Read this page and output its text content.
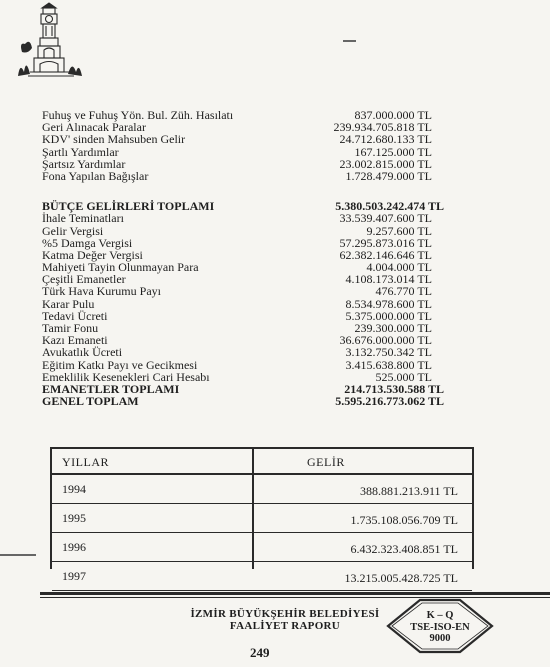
Fuhuş ve Fuhuş Yön. Bul. Züh. Hasılatı	837.000.000 TL
Geri Alınacak Paralar	239.934.705.818 TL
KDV' sinden Mahsuben Gelir	24.712.680.133 TL
Şartlı Yardımlar	167.125.000 TL
Şartsız Yardımlar	23.002.815.000 TL
Fona Yapılan Bağışlar	1.728.479.000 TL
BÜTÇE GELİRLERİ TOPLAMI	5.380.503.242.474 TL
İhale Teminatları	33.539.407.600 TL
Gelir Vergisi	9.257.600 TL
%5 Damga Vergisi	57.295.873.016 TL
Katma Değer Vergisi	62.382.146.646 TL
Mahiyeti Tayin Olunmayan Para	4.004.000 TL
Çeşitli Emanetler	4.108.173.014 TL
Türk Hava Kurumu Payı	476.770 TL
Karar Pulu	8.534.978.600 TL
Tedavi Ücreti	5.375.000.000 TL
Tamir Fonu	239.300.000 TL
Kazı Emaneti	36.676.000.000 TL
Avukatlık Ücreti	3.132.750.342 TL
Eğitim Katkı Payı ve Gecikmesi	3.415.638.800 TL
Emeklilik Kesenekleri Cari Hesabı	525.000 TL
EMANETLER TOPLAMI	214.713.530.588 TL
GENEL TOPLAM	5.595.216.773.062 TL
YILLAR	GELİR
1994	388.881.213.911 TL
1995	1.735.108.056.709 TL
1996	6.432.323.408.851 TL
1997	13.215.005.428.725 TL
İZMİR BÜYÜKŞEHİR BELEDİYESİ
FAALİYET RAPORU
249
K – Q
TSE-ISO-EN
9000
